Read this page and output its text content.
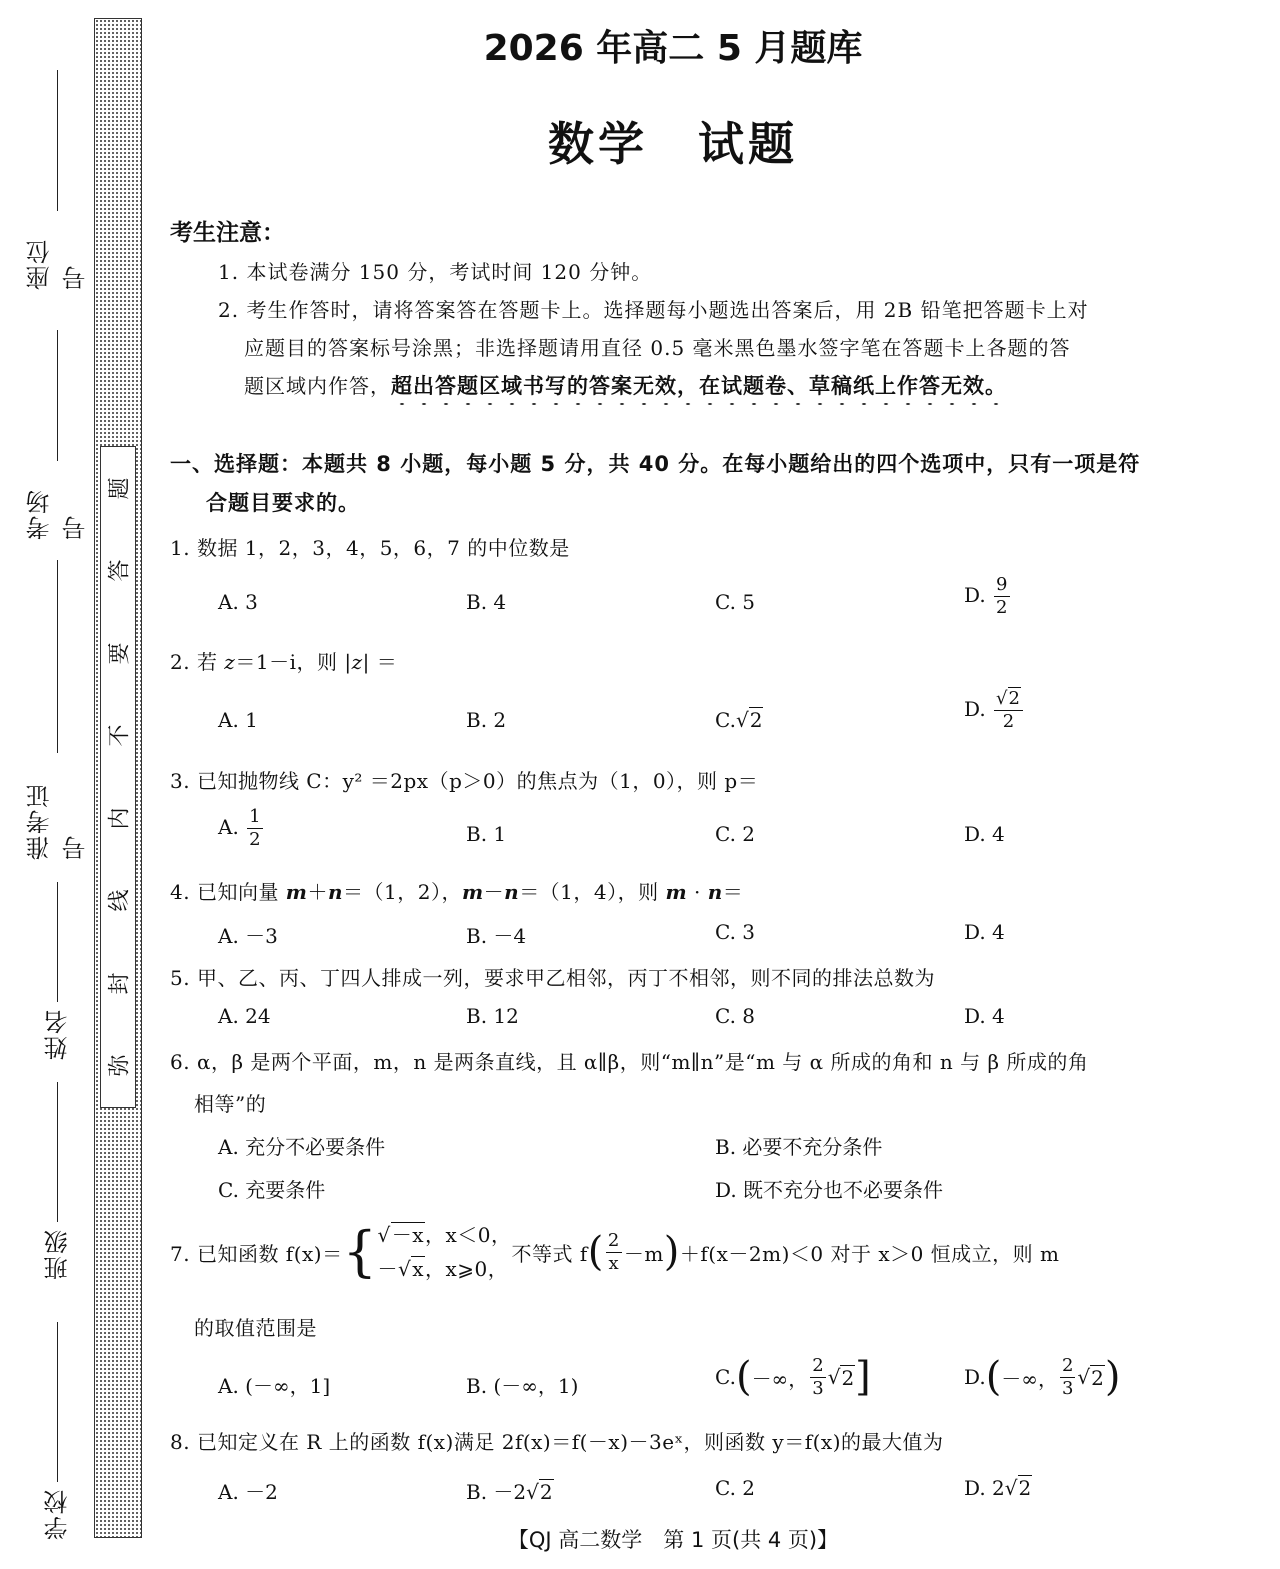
座位号
考场号
准考证号
姓名
班级
学校
题
答
要
不
内
线
封
弥
2026 年高二 5 月题库
数学　试题
考生注意：
1. 本试卷满分 150 分，考试时间 120 分钟。
2. 考生作答时，请将答案答在答题卡上。选择题每小题选出答案后，用 2B 铅笔把答题卡上对
应题目的答案标号涂黑；非选择题请用直径 0.5 毫米黑色墨水签字笔在答题卡上各题的答
题区域内作答，超出答题区域书写的答案无效，在试题卷、草稿纸上作答无效。
一、选择题：本题共 8 小题，每小题 5 分，共 40 分。在每小题给出的四个选项中，只有一项是符
合题目要求的。
1. 数据 1，2，3，4，5，6，7 的中位数是
A. 3	B. 4	C. 5	D. $\frac{9}{2}$
2. 若 z＝1－i，则 |z| ＝
A. 1	B. 2	C.√2	D. $\frac{√2}{2}$
3. 已知抛物线 C：y² ＝2px（p＞0）的焦点为（1，0），则 p＝
A. $\frac{1}{2}$	B. 1	C. 2	D. 4
4. 已知向量 m＋n＝（1，2），m－n＝（1，4），则 m · n＝
A. －3	B. －4	C. 3	D. 4
5. 甲、乙、丙、丁四人排成一列，要求甲乙相邻，丙丁不相邻，则不同的排法总数为
A. 24	B. 12	C. 8	D. 4
6. α，β 是两个平面，m，n 是两条直线，且 α∥β，则“m∥n”是“m 与 α 所成的角和 n 与 β 所成的角
相等”的
A. 充分不必要条件	B. 必要不充分条件
C. 充要条件	D. 既不充分也不必要条件
7. 已知函数 f(x)＝ { √－x，x＜0，
－√x，x⩾0，
不等式 f ( $\frac{2}{x} -m$ ) ＋f(x－2m)＜0 对于 x＞0 恒成立，则 m
的取值范围是
A. (－∞，1]	B. (－∞，1)	C. ( －∞， $\frac{2}{3}$ √ 2 ]	D. ( －∞， $\frac{2}{3}$ √ 2 )
8. 已知定义在 R 上的函数 f(x)满足 2f(x)＝f(－x)－3eˣ，则函数 y＝f(x)的最大值为
A. －2	B. －2√2	C. 2	D. 2√2
【QJ 高二数学　第 1 页(共 4 页)】
